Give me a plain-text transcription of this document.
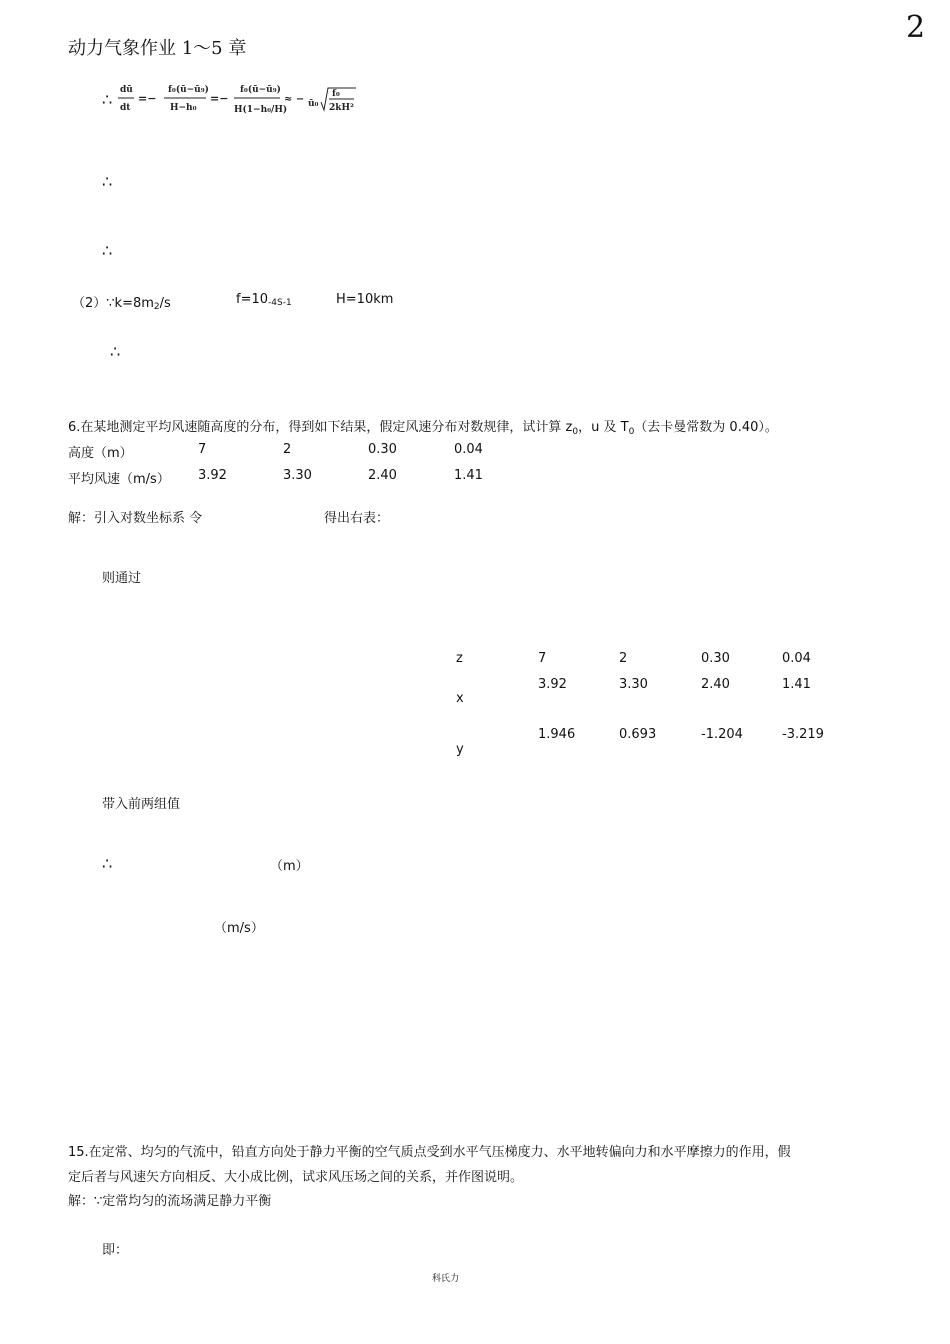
2
动力气象作业 1～5 章
∴ dū
dt
=−
f₀(ū−ū₉)
H−h₀
=−
f₀(ū−ū₉)
H(1−h₀/H)
≈ − ū₀
f₀
2kH²
∴
∴
$(2)\because k=8m_2/s$	$f=10_{-4S-1}$	H=10km
∴
6.在某地测定平均风速随高度的分布，得到如下结果，假定风速分布对数规律，试计算 $z_0$，u 及 $T_0$（去卡曼常数为 0.40）。
高度（m）	7	2	0.30	0.04
平均风速（m/s） 3.92	3.30	2.40	1.41
解：引入对数坐标系 令	得出右表：
则通过
z	7	2	0.30	0.04
x
3.92	3.30	2.40	1.41
y
1.946	0.693	-1.204	-3.219
带入前两组值
∴	（m）
（m/s）
15.在定常、均匀的气流中，铅直方向处于静力平衡的空气质点受到水平气压梯度力、水平地转偏向力和水平摩擦力的作用，假
定后者与风速矢方向相反、大小成比例，试求风压场之间的关系，并作图说明。
解：∵定常均匀的流场满足静力平衡
即：
科氏力
